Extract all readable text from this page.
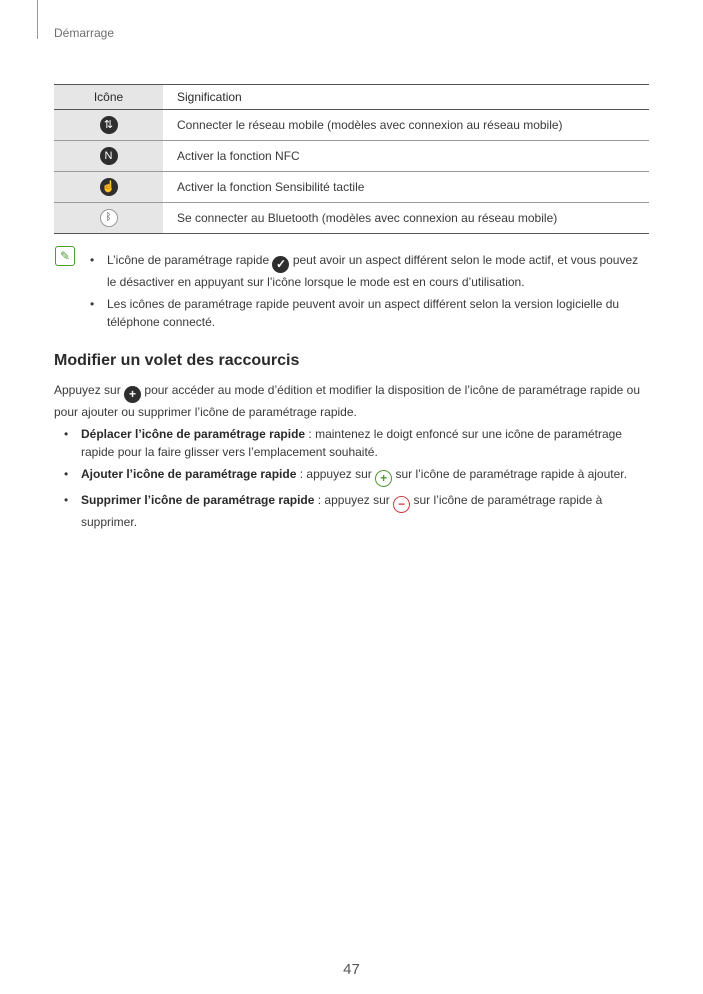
Démarrage
Icône	Signification
⇅	Connecter le réseau mobile (modèles avec connexion au réseau mobile)
N	Activer la fonction NFC
☝	Activer la fonction Sensibilité tactile
ᛒ	Se connecter au Bluetooth (modèles avec connexion au réseau mobile)
✎	• L’icône de paramétrage rapide ✓ peut avoir un aspect différent selon le mode actif, et vous pouvez le désactiver en appuyant sur l’icône lorsque le mode est en cours d’utilisation.
• Les icônes de paramétrage rapide peuvent avoir un aspect différent selon la version logicielle du téléphone connecté.
Modifier un volet des raccourcis

Appuyez sur + pour accéder au mode d’édition et modifier la disposition de l’icône de paramétrage rapide ou pour ajouter ou supprimer l’icône de paramétrage rapide.

• Déplacer l’icône de paramétrage rapide : maintenez le doigt enfoncé sur une icône de paramétrage rapide pour la faire glisser vers l’emplacement souhaité.
• Ajouter l’icône de paramétrage rapide : appuyez sur + sur l’icône de paramétrage rapide à ajouter.
• Supprimer l’icône de paramétrage rapide : appuyez sur − sur l’icône de paramétrage rapide à supprimer.
47
